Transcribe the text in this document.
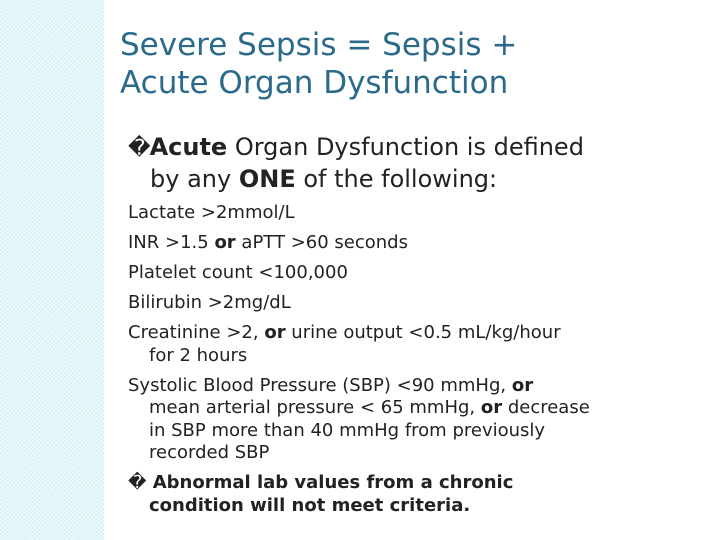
Severe Sepsis = Sepsis +
Acute Organ Dysfunction
�Acute Organ Dysfunction is defined
by any ONE of the following:
Lactate >2mmol/L
INR >1.5 or aPTT >60 seconds
Platelet count <100,000
Bilirubin >2mg/dL
Creatinine >2, or urine output <0.5 mL/kg/hour
for 2 hours
Systolic Blood Pressure (SBP) <90 mmHg, or
mean arterial pressure < 65 mmHg, or decrease
in SBP more than 40 mmHg from previously
recorded SBP
� Abnormal lab values from a chronic
condition will not meet criteria.
